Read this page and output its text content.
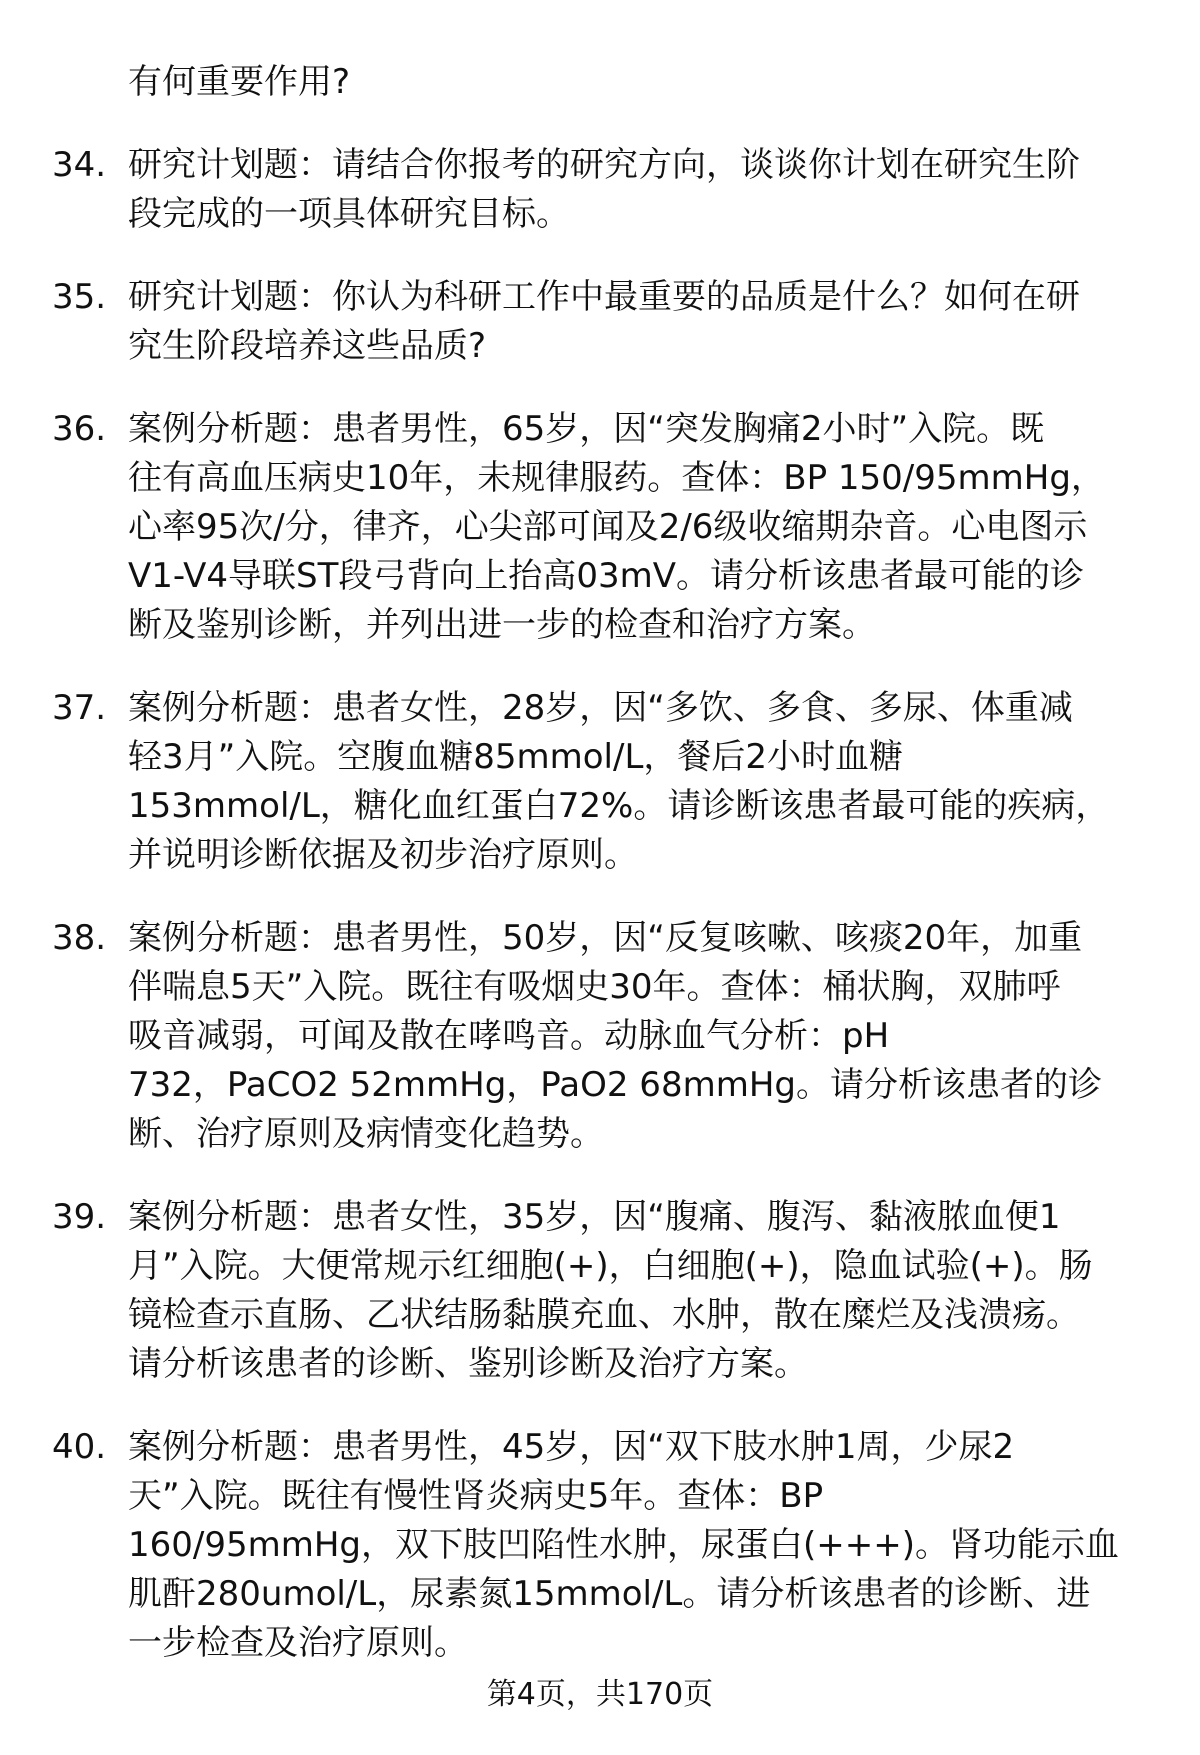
有何重要作用?
34. 研究计划题：请结合你报考的研究方向，谈谈你计划在研究生阶
段完成的一项具体研究目标。
35. 研究计划题：你认为科研工作中最重要的品质是什么？如何在研
究生阶段培养这些品质?
36. 案例分析题：患者男性，65岁，因“突发胸痛2小时”入院。既
往有高血压病史10年，未规律服药。查体：BP 150/95mmHg，
心率95次/分，律齐，心尖部可闻及2/6级收缩期杂音。心电图示
V1-V4导联ST段弓背向上抬高03mV。请分析该患者最可能的诊
断及鉴别诊断，并列出进一步的检查和治疗方案。
37. 案例分析题：患者女性，28岁，因“多饮、多食、多尿、体重减
轻3月”入院。空腹血糖85mmol/L，餐后2小时血糖
153mmol/L，糖化血红蛋白72%。请诊断该患者最可能的疾病，
并说明诊断依据及初步治疗原则。
38. 案例分析题：患者男性，50岁，因“反复咳嗽、咳痰20年，加重
伴喘息5天”入院。既往有吸烟史30年。查体：桶状胸，双肺呼
吸音减弱，可闻及散在哮鸣音。动脉血气分析：pH
732，PaCO2 52mmHg，PaO2 68mmHg。请分析该患者的诊
断、治疗原则及病情变化趋势。
39. 案例分析题：患者女性，35岁，因“腹痛、腹泻、黏液脓血便1
月”入院。大便常规示红细胞(+)，白细胞(+)，隐血试验(+)。肠
镜检查示直肠、乙状结肠黏膜充血、水肿，散在糜烂及浅溃疡。
请分析该患者的诊断、鉴别诊断及治疗方案。
40. 案例分析题：患者男性，45岁，因“双下肢水肿1周，少尿2
天”入院。既往有慢性肾炎病史5年。查体：BP
160/95mmHg，双下肢凹陷性水肿，尿蛋白(+++)。肾功能示血
肌酐280umol/L，尿素氮15mmol/L。请分析该患者的诊断、进
一步检查及治疗原则。
第4页，共170页
